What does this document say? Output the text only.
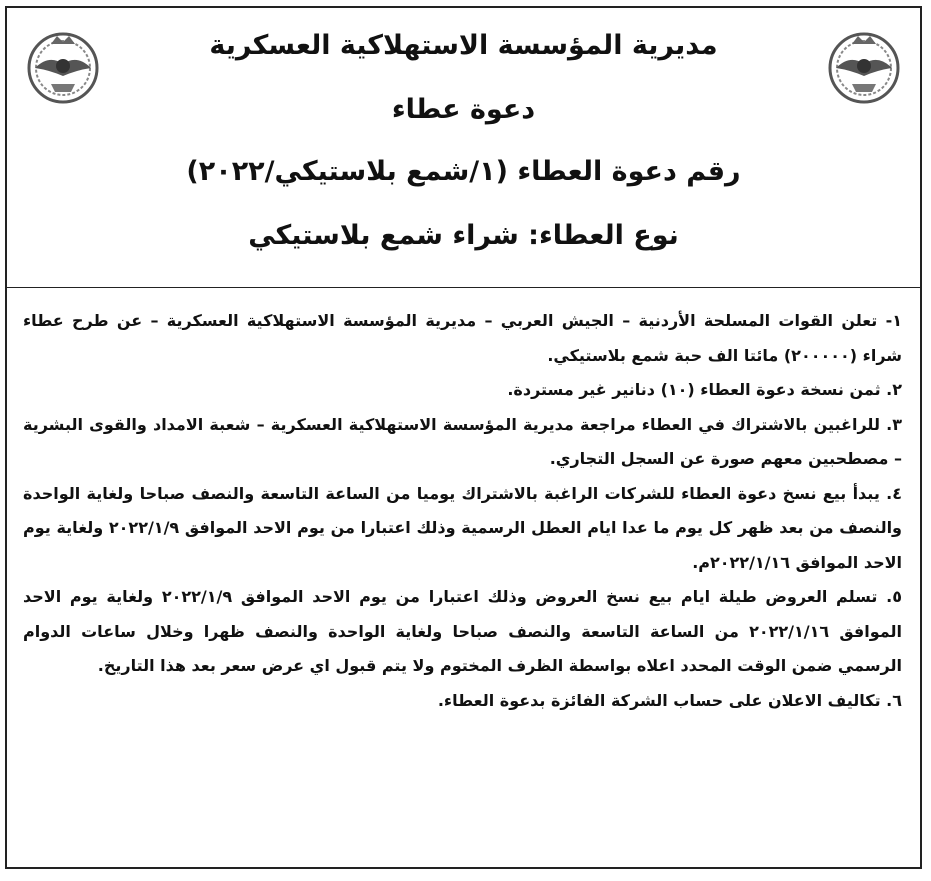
مديرية المؤسسة الاستهلاكية العسكرية
دعوة عطاء
رقم دعوة العطاء (١/شمع بلاستيكي/٢٠٢٢)
نوع العطاء: شراء شمع بلاستيكي

١- تعلن القوات المسلحة الأردنية – الجيش العربي – مديرية المؤسسة الاستهلاكية العسكرية – عن طرح عطاء شراء (٢٠٠٠٠٠) مائتا الف حبة شمع بلاستيكي.

٢. ثمن نسخة دعوة العطاء (١٠) دنانير غير مستردة.

٣. للراغبين بالاشتراك في العطاء مراجعة مديرية المؤسسة الاستهلاكية العسكرية – شعبة الامداد والقوى البشرية – مصطحبين معهم صورة عن السجل التجاري.

٤. يبدأ بيع نسخ دعوة العطاء للشركات الراغبة بالاشتراك يوميا من الساعة التاسعة والنصف صباحا ولغاية الواحدة والنصف من بعد ظهر كل يوم ما عدا ايام العطل الرسمية وذلك اعتبارا من يوم الاحد الموافق ٢٠٢٢/١/٩ ولغاية يوم الاحد الموافق ٢٠٢٢/١/١٦م.

٥. تسلم العروض طيلة ايام بيع نسخ العروض وذلك اعتبارا من يوم الاحد الموافق ٢٠٢٢/١/٩ ولغاية يوم الاحد الموافق ٢٠٢٢/١/١٦ من الساعة التاسعة والنصف صباحا ولغاية الواحدة والنصف ظهرا وخلال ساعات الدوام الرسمي ضمن الوقت المحدد اعلاه بواسطة الظرف المختوم ولا يتم قبول اي عرض سعر بعد هذا التاريخ.

٦. تكاليف الاعلان على حساب الشركة الفائزة بدعوة العطاء.
